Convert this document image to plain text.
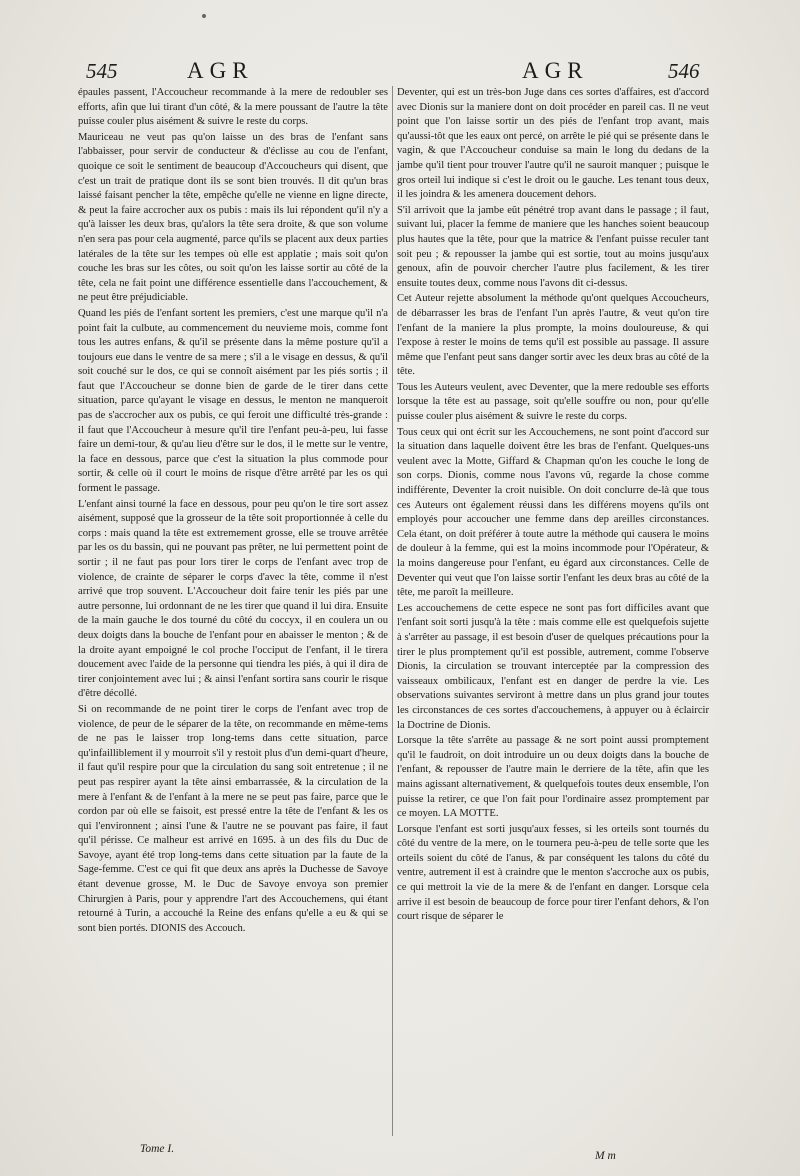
545	AGR	AGR	546

épaules passent, l'Accoucheur recommande à la mere de redoubler ses efforts, afin que lui tirant d'un côté, & la mere poussant de l'autre la tête puisse couler plus aisément & suivre le reste du corps.

Mauriceau ne veut pas qu'on laisse un des bras de l'enfant sans l'abbaisser, pour servir de conducteur & d'éclisse au cou de l'enfant, quoique ce soit le sentiment de beaucoup d'Accoucheurs qui disent, que c'est un trait de pratique dont ils se sont bien trouvés. Il dit qu'un bras laissé faisant pencher la tête, empêche qu'elle ne vienne en ligne directe, & peut la faire accrocher aux os pubis : mais ils lui répondent qu'il n'y a qu'à laisser les deux bras, qu'alors la tête sera droite, & que son volume n'en sera pas pour cela augmenté, parce qu'ils se placent aux deux parties latérales de la tête sur les tempes où elle est applatie ; mais soit qu'on couche les bras sur les côtes, ou soit qu'on les laisse sortir au côté de la tête, cela ne fait point une différence essentielle dans l'accouchement, & ne peut être préjudiciable.

Quand les piés de l'enfant sortent les premiers, c'est une marque qu'il n'a point fait la culbute, au commencement du neuvieme mois, comme font tous les autres enfans, & qu'il se présente dans la même posture qu'il a toujours eue dans le ventre de sa mere ; s'il a le visage en dessus, & qu'il soit couché sur le dos, ce qui se connoît aisément par les piés sortis ; il faut que l'Accoucheur se donne bien de garde de le tirer dans cette situation, parce qu'ayant le visage en dessus, le menton ne manqueroit pas de s'accrocher aux os pubis, ce qui feroit une difficulté très-grande : il faut que l'Accoucheur à mesure qu'il tire l'enfant peu-à-peu, lui fasse faire un demi-tour, & qu'au lieu d'être sur le dos, il le mette sur le ventre, la face en dessous, parce que c'est la situation la plus commode pour sortir, & celle où il court le moins de risque d'être arrêté par les os qui forment le passage.

L'enfant ainsi tourné la face en dessous, pour peu qu'on le tire sort assez aisément, supposé que la grosseur de la tête soit proportionnée à celle du corps : mais quand la tête est extremement grosse, elle se trouve arrêtée par les os du bassin, qui ne pouvant pas prêter, ne lui permettent point de sortir ; il ne faut pas pour lors tirer le corps de l'enfant avec trop de violence, de crainte de séparer le corps d'avec la tête, comme il n'est arrivé que trop souvent. L'Accoucheur doit faire tenir les piés par une autre personne, lui ordonnant de ne les tirer que quand il lui dira. Ensuite de la main gauche le dos tourné du côté du coccyx, il en coulera un ou deux doigts dans la bouche de l'enfant pour en abaisser le menton ; & de la droite ayant empoigné le col proche l'occiput de l'enfant, il le tirera doucement avec l'aide de la personne qui tiendra les piés, à qui il dira de tirer conjointement avec lui ; & ainsi l'enfant sortira sans courir le risque d'être décollé.

Si on recommande de ne point tirer le corps de l'enfant avec trop de violence, de peur de le séparer de la tête, on recommande en même-tems de ne pas le laisser trop long-tems dans cette situation, parce qu'infailliblement il y mourroit s'il y restoit plus d'un demi-quart d'heure, il faut qu'il respire pour que la circulation du sang soit entretenue ; il ne peut pas respirer ayant la tête ainsi embarrassée, & la circulation de la mere à l'enfant & de l'enfant à la mere ne se peut pas faire, parce que le cordon par où elle se faisoit, est pressé entre la tête de l'enfant & les os qui l'environnent ; ainsi l'une & l'autre ne se pouvant pas faire, il faut qu'il périsse. Ce malheur est arrivé en 1695. à un des fils du Duc de Savoye, ayant été trop long-tems dans cette situation par la faute de la Sage-femme. C'est ce qui fit que deux ans après la Duchesse de Savoye étant devenue grosse, M. le Duc de Savoye envoya son premier Chirurgien à Paris, pour y apprendre l'art des Accouchemens, qui étant retourné à Turin, a accouché la Reine des enfans qu'elle a eu & qui se sont bien portés. DIONIS des Accouch.

Deventer, qui est un très-bon Juge dans ces sortes d'affaires, est d'accord avec Dionis sur la maniere dont on doit procéder en pareil cas. Il ne veut point que l'on laisse sortir un des piés de l'enfant trop avant, mais qu'aussi-tôt que les eaux ont percé, on arrête le pié qui se présente dans le vagin, & que l'Accoucheur conduise sa main le long du dedans de la jambe qu'il tient pour trouver l'autre qu'il ne sauroit manquer ; puisque le gros orteil lui indique si c'est le droit ou le gauche. Les tenant tous deux, il les joindra & les amenera doucement dehors.

S'il arrivoit que la jambe eût pénétré trop avant dans le passage ; il faut, suivant lui, placer la femme de maniere que les hanches soient beaucoup plus hautes que la tête, pour que la matrice & l'enfant puisse reculer tant soit peu ; & repousser la jambe qui est sortie, tout au moins jusqu'aux genoux, afin de pouvoir chercher l'autre plus facilement, & les tirer ensuite toutes deux, comme nous l'avons dit ci-dessus.

Cet Auteur rejette absolument la méthode qu'ont quelques Accoucheurs, de débarrasser les bras de l'enfant l'un après l'autre, & veut qu'on tire l'enfant de la maniere la plus prompte, la moins douloureuse, & qui l'expose à rester le moins de tems qu'il est possible au passage. Il assure même que l'enfant peut sans danger sortir avec les deux bras au côté de la tête.

Tous les Auteurs veulent, avec Deventer, que la mere redouble ses efforts lorsque la tête est au passage, soit qu'elle souffre ou non, pour qu'elle puisse couler plus aisément & suivre le reste du corps.

Tous ceux qui ont écrit sur les Accouchemens, ne sont point d'accord sur la situation dans laquelle doivent être les bras de l'enfant. Quelques-uns veulent avec la Motte, Giffard & Chapman qu'on les couche le long de son corps. Dionis, comme nous l'avons vû, regarde la chose comme indifférente, Deventer la croit nuisible. On doit conclurre de-là que tous ces Auteurs ont également réussi dans les différens moyens qu'ils ont employés pour accoucher une femme dans dep areilles circonstances. Cela étant, on doit préférer à toute autre la méthode qui causera le moins de douleur à la femme, qui est la moins incommode pour l'Opérateur, & la moins dangereuse pour l'enfant, eu égard aux circonstances. Celle de Deventer qui veut que l'on laisse sortir l'enfant les deux bras au côté de la tête, me paroît la meilleure.

Les accouchemens de cette espece ne sont pas fort difficiles avant que l'enfant soit sorti jusqu'à la tête : mais comme elle est quelquefois sujette à s'arrêter au passage, il est besoin d'user de quelques précautions pour la tirer le plus promptement qu'il est possible, autrement, comme l'observe Dionis, la circulation se trouvant interceptée par la compression des vaisseaux ombilicaux, l'enfant est en danger de perdre la vie. Les observations suivantes serviront à mettre dans un plus grand jour toutes les circonstances de ces sortes d'accouchemens, à appuyer ou à éclaircir la Doctrine de Dionis.

Lorsque la tête s'arrête au passage & ne sort point aussi promptement qu'il le faudroit, on doit introduire un ou deux doigts dans la bouche de l'enfant, & repousser de l'autre main le derriere de la tête, afin que les mains agissant alternativement, & quelquefois toutes deux ensemble, l'on puisse la retirer, ce que l'on fait pour l'ordinaire assez promptement par ce moyen. LA MOTTE.

Lorsque l'enfant est sorti jusqu'aux fesses, si les orteils sont tournés du côté du ventre de la mere, on le tournera peu-à-peu de telle sorte que les orteils soient du côté de l'anus, & par conséquent les talons du côté du ventre, autrement il est à craindre que le menton s'accroche aux os pubis, ce qui mettroit la vie de la mere & de l'enfant en danger. Lorsque cela arrive il est besoin de beaucoup de force pour tirer l'enfant dehors, & l'on court risque de séparer le

Tome I.
M m
